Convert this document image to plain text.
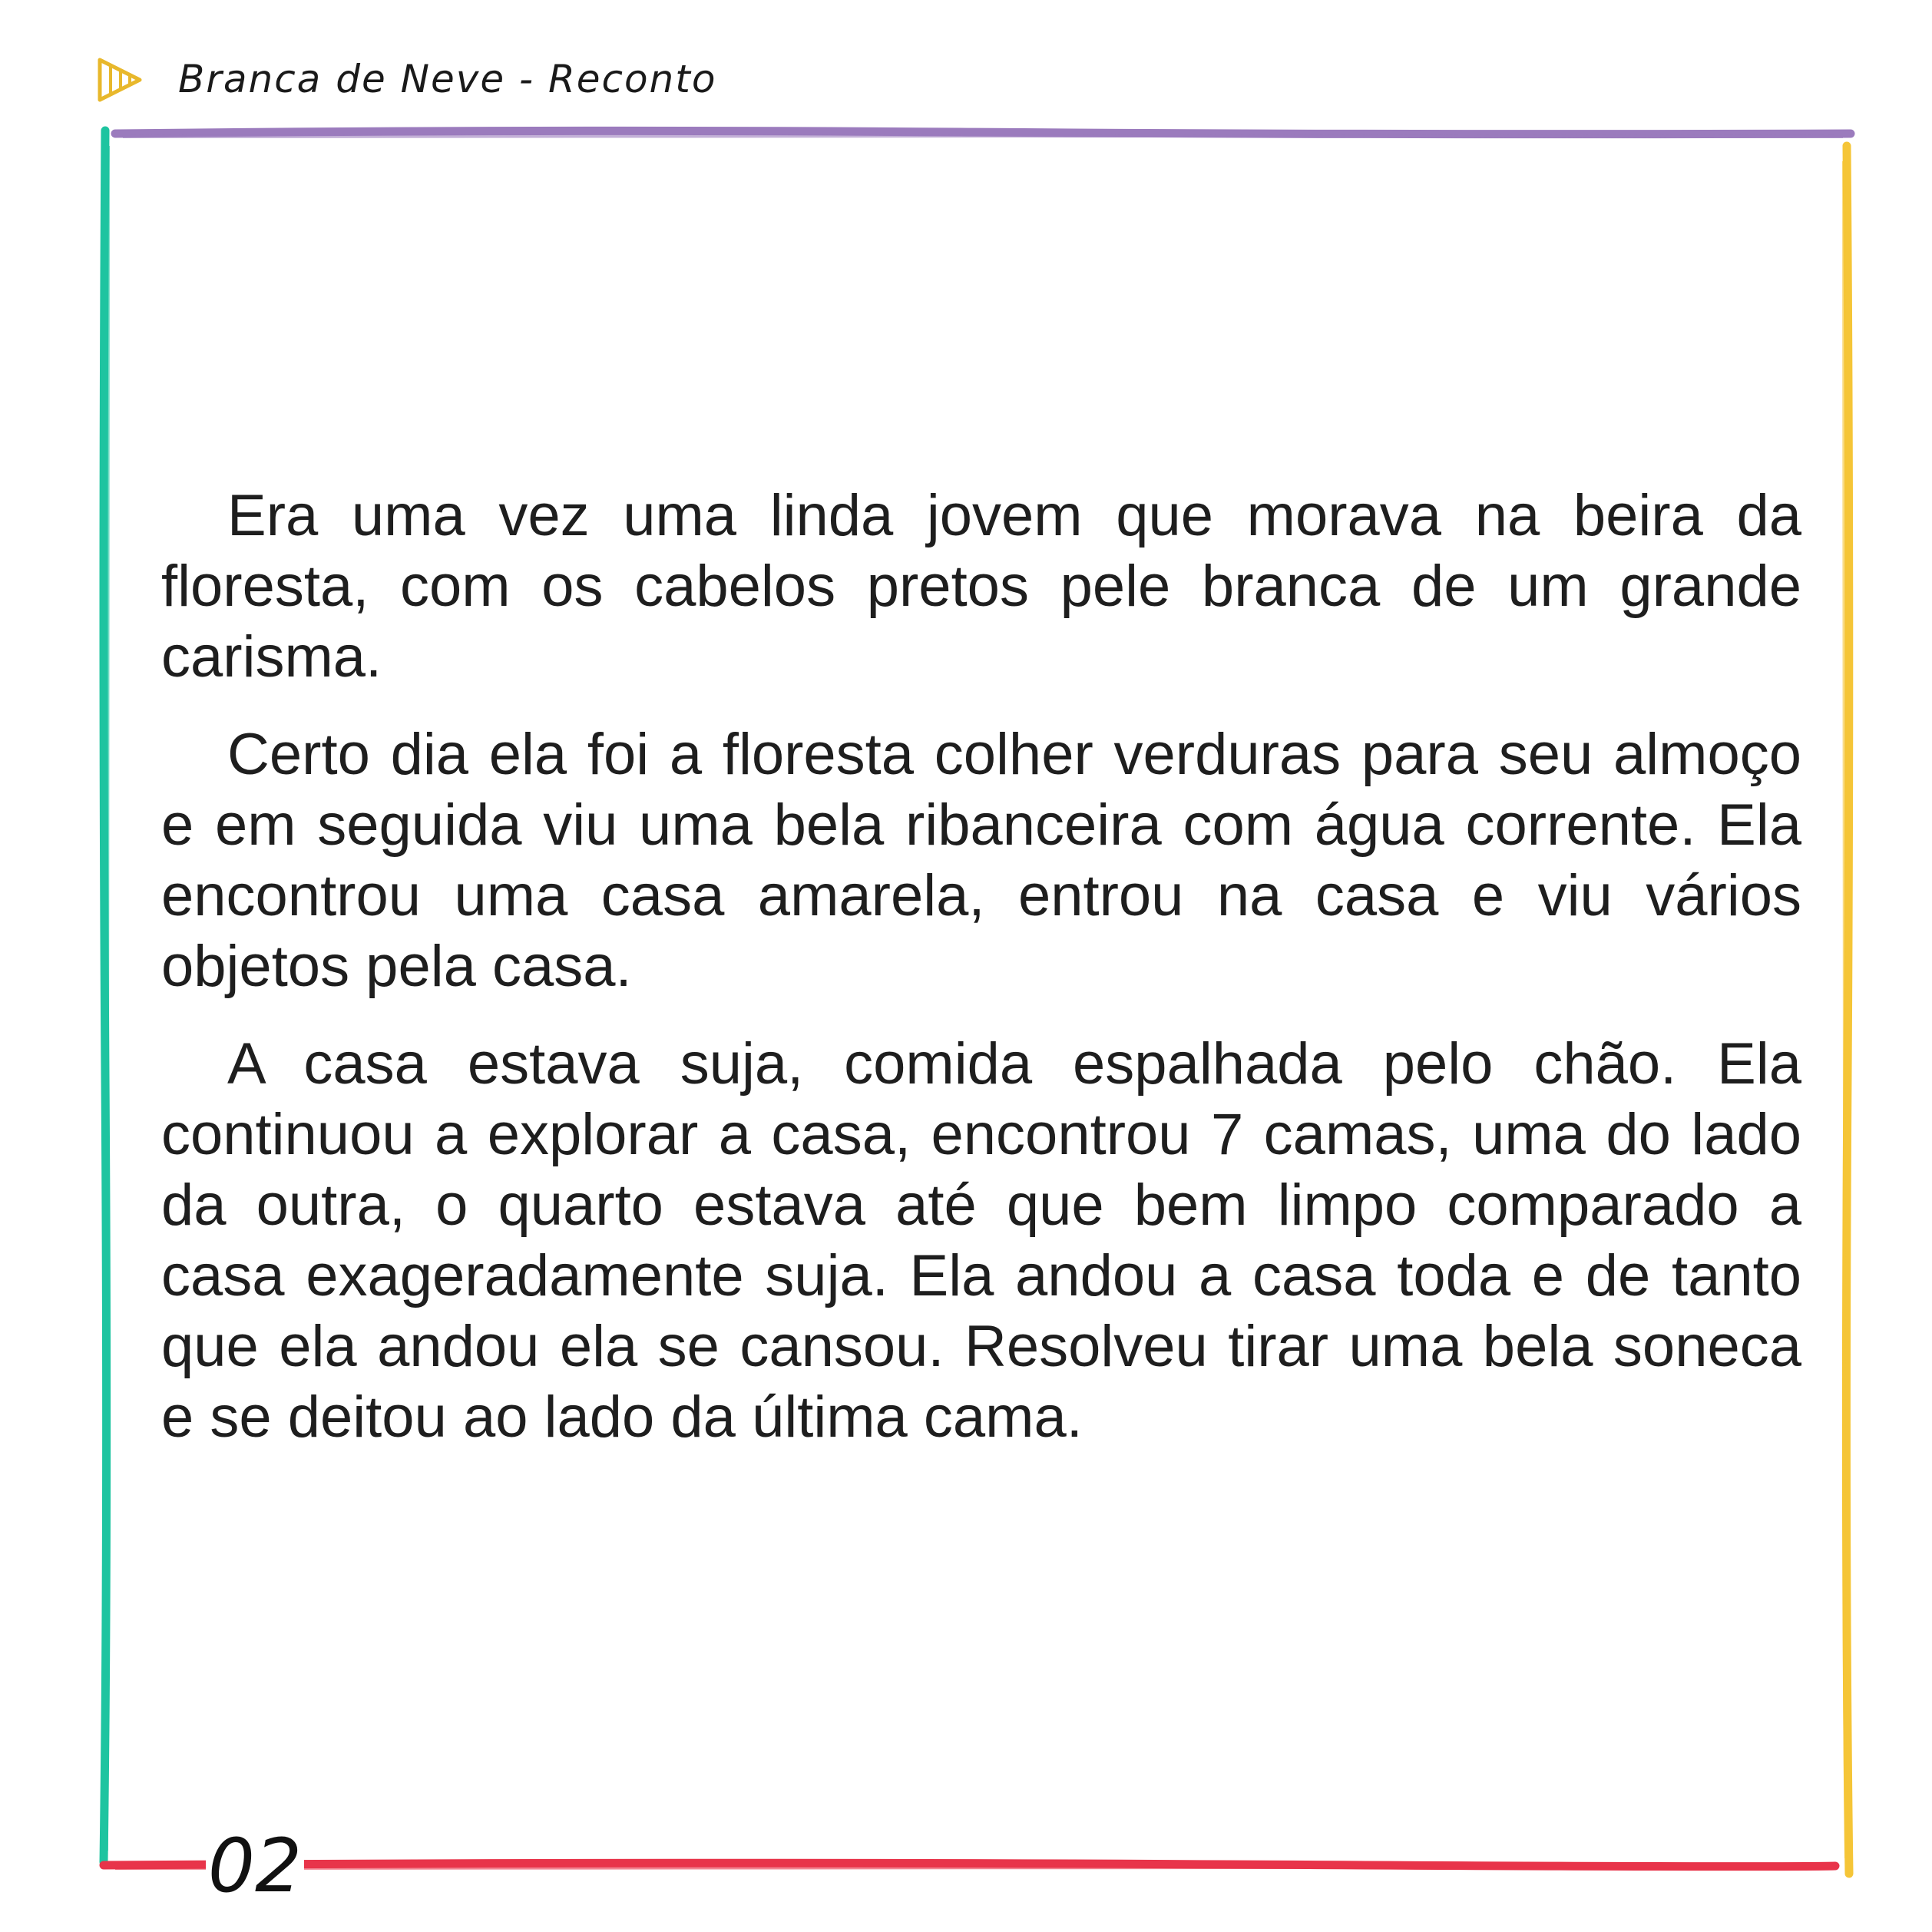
Branca de Neve - Reconto

Era uma vez uma linda jovem que morava na beira da floresta, com os cabelos pretos pele branca de um grande carisma.

Certo dia ela foi a floresta colher verduras para seu almoço e em seguida viu uma bela ribanceira com água corrente. Ela encontrou uma casa amarela, entrou na casa e viu vários objetos pela casa.

A casa estava suja, comida espalhada pelo chão. Ela continuou a explorar a casa, encontrou 7 camas, uma do lado da outra, o quarto estava até que bem limpo comparado a casa exageradamente suja. Ela andou a casa toda e de tanto que ela andou ela se cansou. Resolveu tirar uma bela soneca e se deitou ao lado da última cama.

02
